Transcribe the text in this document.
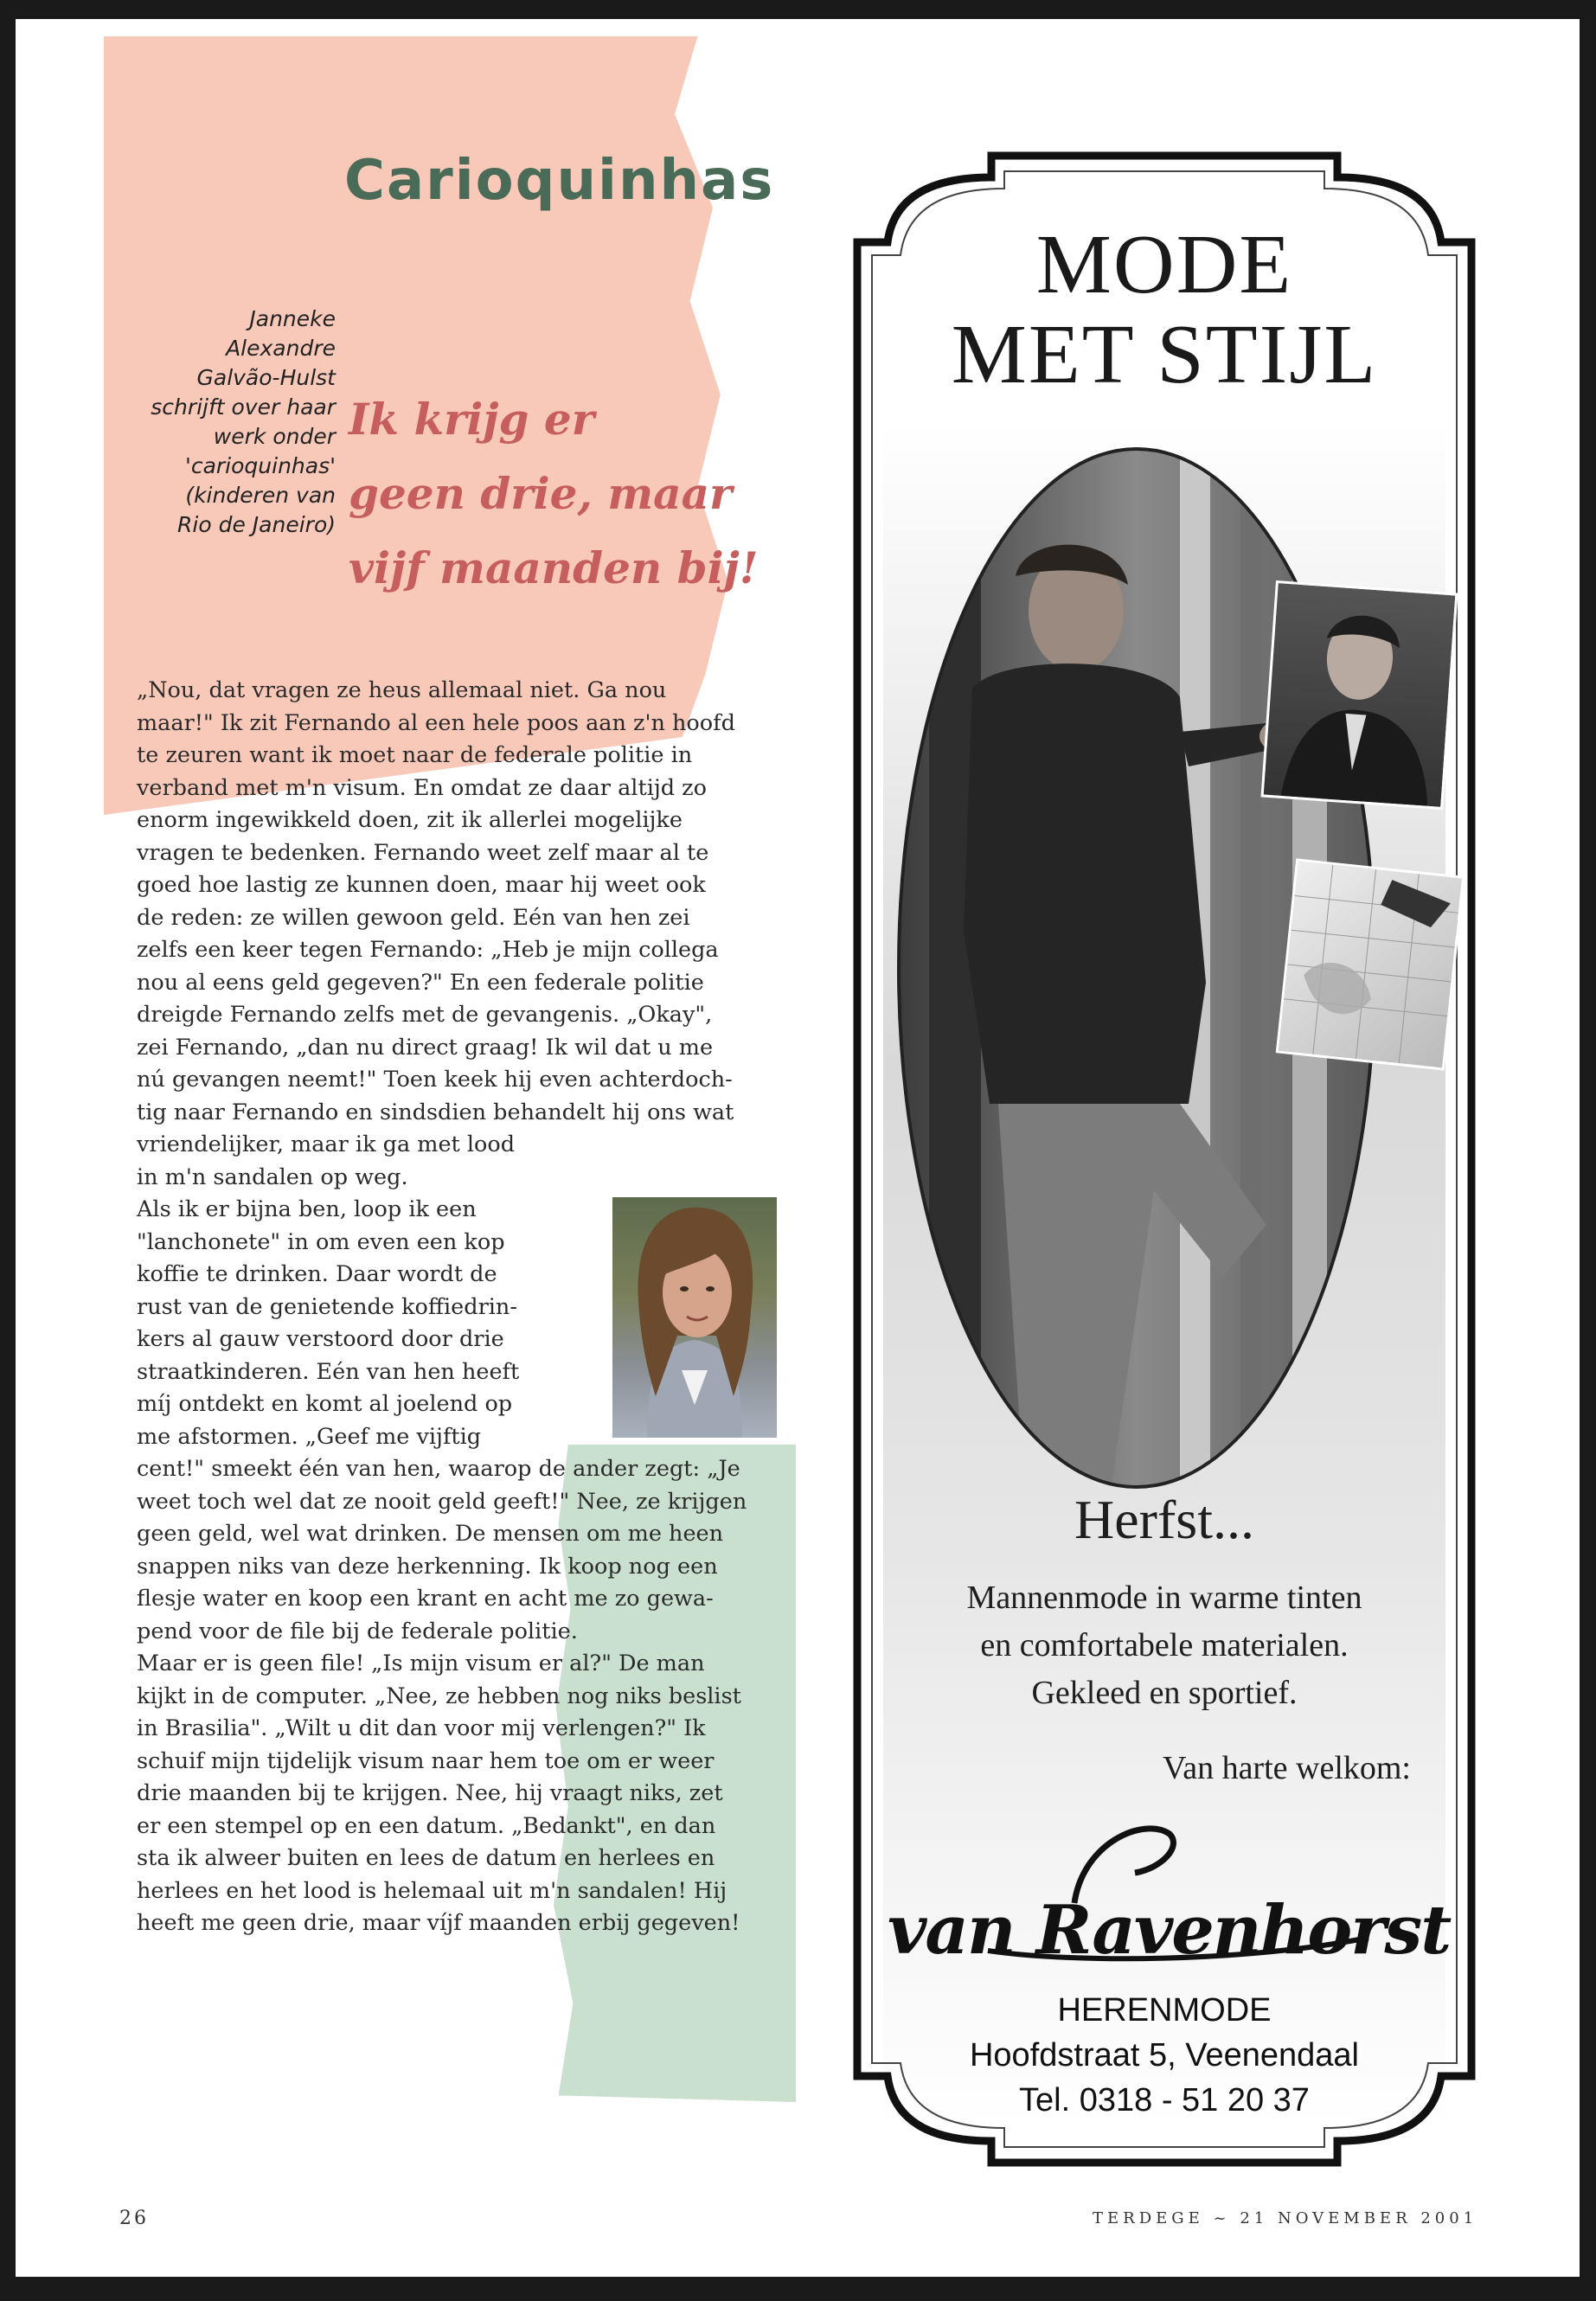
Carioquinhas
Janneke
Alexandre
Galvão-Hulst
schrijft over haar
werk onder
'carioquinhas'
(kinderen van
Rio de Janeiro)
Ik krijg er
geen drie, maar
vijf maanden bij!
„Nou, dat vragen ze heus allemaal niet. Ga nou
maar!" Ik zit Fernando al een hele poos aan z'n hoofd
te zeuren want ik moet naar de federale politie in
verband met m'n visum. En omdat ze daar altijd zo
enorm ingewikkeld doen, zit ik allerlei mogelijke
vragen te bedenken. Fernando weet zelf maar al te
goed hoe lastig ze kunnen doen, maar hij weet ook
de reden: ze willen gewoon geld. Eén van hen zei
zelfs een keer tegen Fernando: „Heb je mijn collega
nou al eens geld gegeven?" En een federale politie
dreigde Fernando zelfs met de gevangenis. „Okay",
zei Fernando, „dan nu direct graag! Ik wil dat u me
nú gevangen neemt!" Toen keek hij even achterdoch-
tig naar Fernando en sindsdien behandelt hij ons wat
vriendelijker, maar ik ga met lood
in m'n sandalen op weg.
Als ik er bijna ben, loop ik een
"lanchonete" in om even een kop
koffie te drinken. Daar wordt de
rust van de genietende koffiedrin-
kers al gauw verstoord door drie
straatkinderen. Eén van hen heeft
míj ontdekt en komt al joelend op
me afstormen. „Geef me vijftig
cent!" smeekt één van hen, waarop de ander zegt: „Je
weet toch wel dat ze nooit geld geeft!" Nee, ze krijgen
geen geld, wel wat drinken. De mensen om me heen
snappen niks van deze herkenning. Ik koop nog een
flesje water en koop een krant en acht me zo gewa-
pend voor de file bij de federale politie.
Maar er is geen file! „Is mijn visum er al?" De man
kijkt in de computer. „Nee, ze hebben nog niks beslist
in Brasilia". „Wilt u dit dan voor mij verlengen?" Ik
schuif mijn tijdelijk visum naar hem toe om er weer
drie maanden bij te krijgen. Nee, hij vraagt niks, zet
er een stempel op en een datum. „Bedankt", en dan
sta ik alweer buiten en lees de datum en herlees en
herlees en het lood is helemaal uit m'n sandalen! Hij
heeft me geen drie, maar víjf maanden erbij gegeven!
26	TERDEGE ~ 21 NOVEMBER 2001
MODE
MET STIJL
Herfst...
Mannenmode in warme tinten
en comfortabele materialen.
Gekleed en sportief.
Van harte welkom:
van Ravenhorst
HERENMODE
Hoofdstraat 5, Veenendaal
Tel. 0318 - 51 20 37
